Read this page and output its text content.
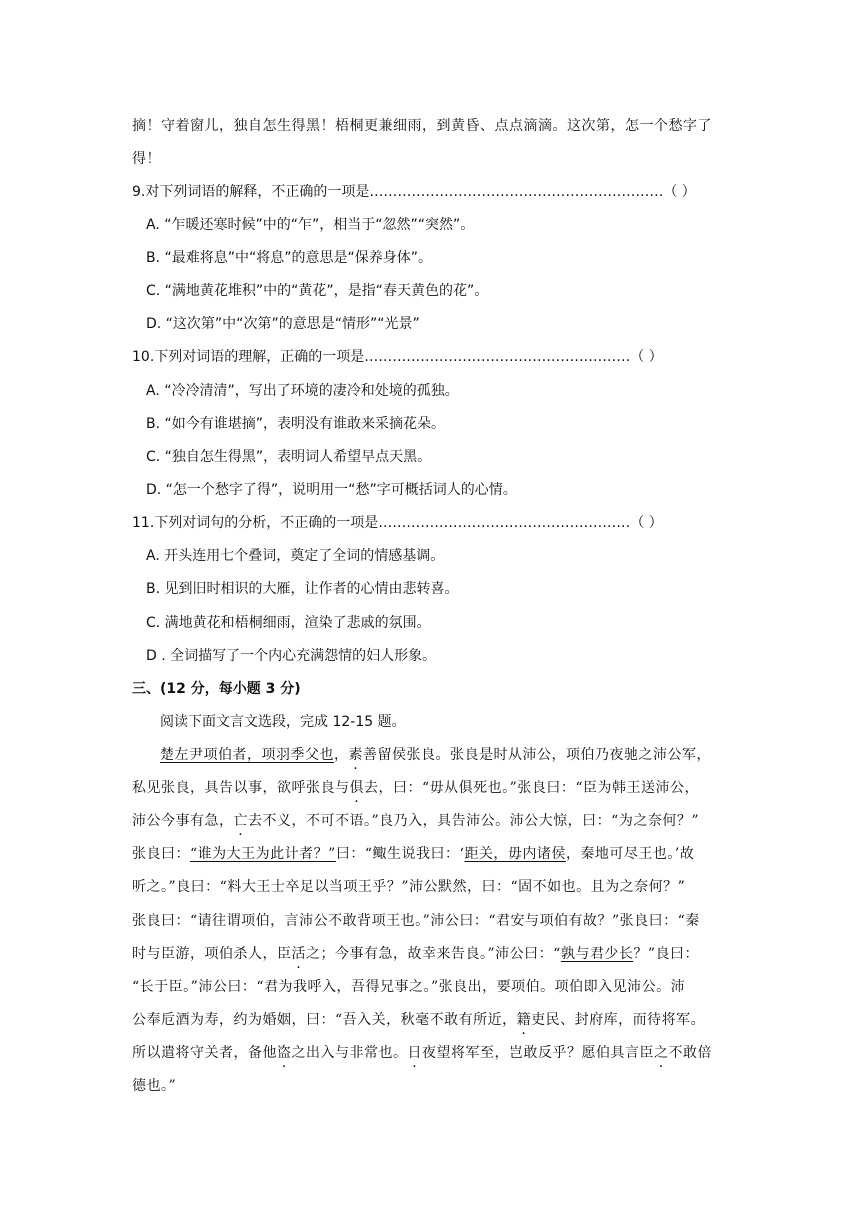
摘！守着窗儿，独自怎生得黑！梧桐更兼细雨，到黄昏、点点滴滴。这次第，怎一个愁字了
得！
9.对下列词语的解释，不正确的一项是………………………………………………………（ ）
A. “乍暖还寒时候”中的“乍”，相当于“忽然”“突然”。
B. “最难将息”中“将息”的意思是“保养身体”。
C. “满地黄花堆积”中的“黄花”，是指“春天黄色的花”。
D. “这次第”中“次第”的意思是“情形”“光景”
10.下列对词语的理解，正确的一项是…………………………………………………（ ）
A. “冷冷清清”，写出了环境的凄冷和处境的孤独。
B. “如今有谁堪摘”，表明没有谁敢来采摘花朵。
C. “独自怎生得黑”，表明词人希望早点天黑。
D. “怎一个愁字了得”，说明用一“愁”字可概括词人的心情。
11.下列对词句的分析，不正确的一项是………………………………………………（ ）
A. 开头连用七个叠词，奠定了全词的情感基调。
B. 见到旧时相识的大雁，让作者的心情由悲转喜。
C. 满地黄花和梧桐细雨，渲染了悲戚的氛围。
D . 全词描写了一个内心充满怨情的妇人形象。
三、(12 分，每小题 3 分)
阅读下面文言文选段，完成 12-15 题。
楚左尹项伯者，项羽季父也，素善留侯张良。张良是时从沛公，项伯乃夜驰之沛公军，
私见张良，具告以事，欲呼张良与俱去，曰：“毋从俱死也。”张良曰：“臣为韩王送沛公，
沛公今事有急，亡去不义，不可不语。”良乃入，具告沛公。沛公大惊，曰：“为之奈何？”
张良曰：“谁为大王为此计者？”曰：“鲰生说我曰：‘距关，毋内诸侯，秦地可尽王也。’故
听之。”良曰：“料大王士卒足以当项王乎？”沛公默然，曰：“固不如也。且为之奈何？”
张良曰：“请往谓项伯，言沛公不敢背项王也。”沛公曰：“君安与项伯有故？”张良曰：“秦
时与臣游，项伯杀人，臣活之；今事有急，故幸来告良。”沛公曰：“孰与君少长？”良曰：
“长于臣。”沛公曰：“君为我呼入，吾得兄事之。”张良出，要项伯。项伯即入见沛公。沛
公奉卮酒为寿，约为婚姻，曰：“吾入关，秋毫不敢有所近，籍吏民、封府库，而待将军。
所以遣将守关者，备他盗之出入与非常也。日夜望将军至，岂敢反乎？愿伯具言臣之不敢倍
德也。”
